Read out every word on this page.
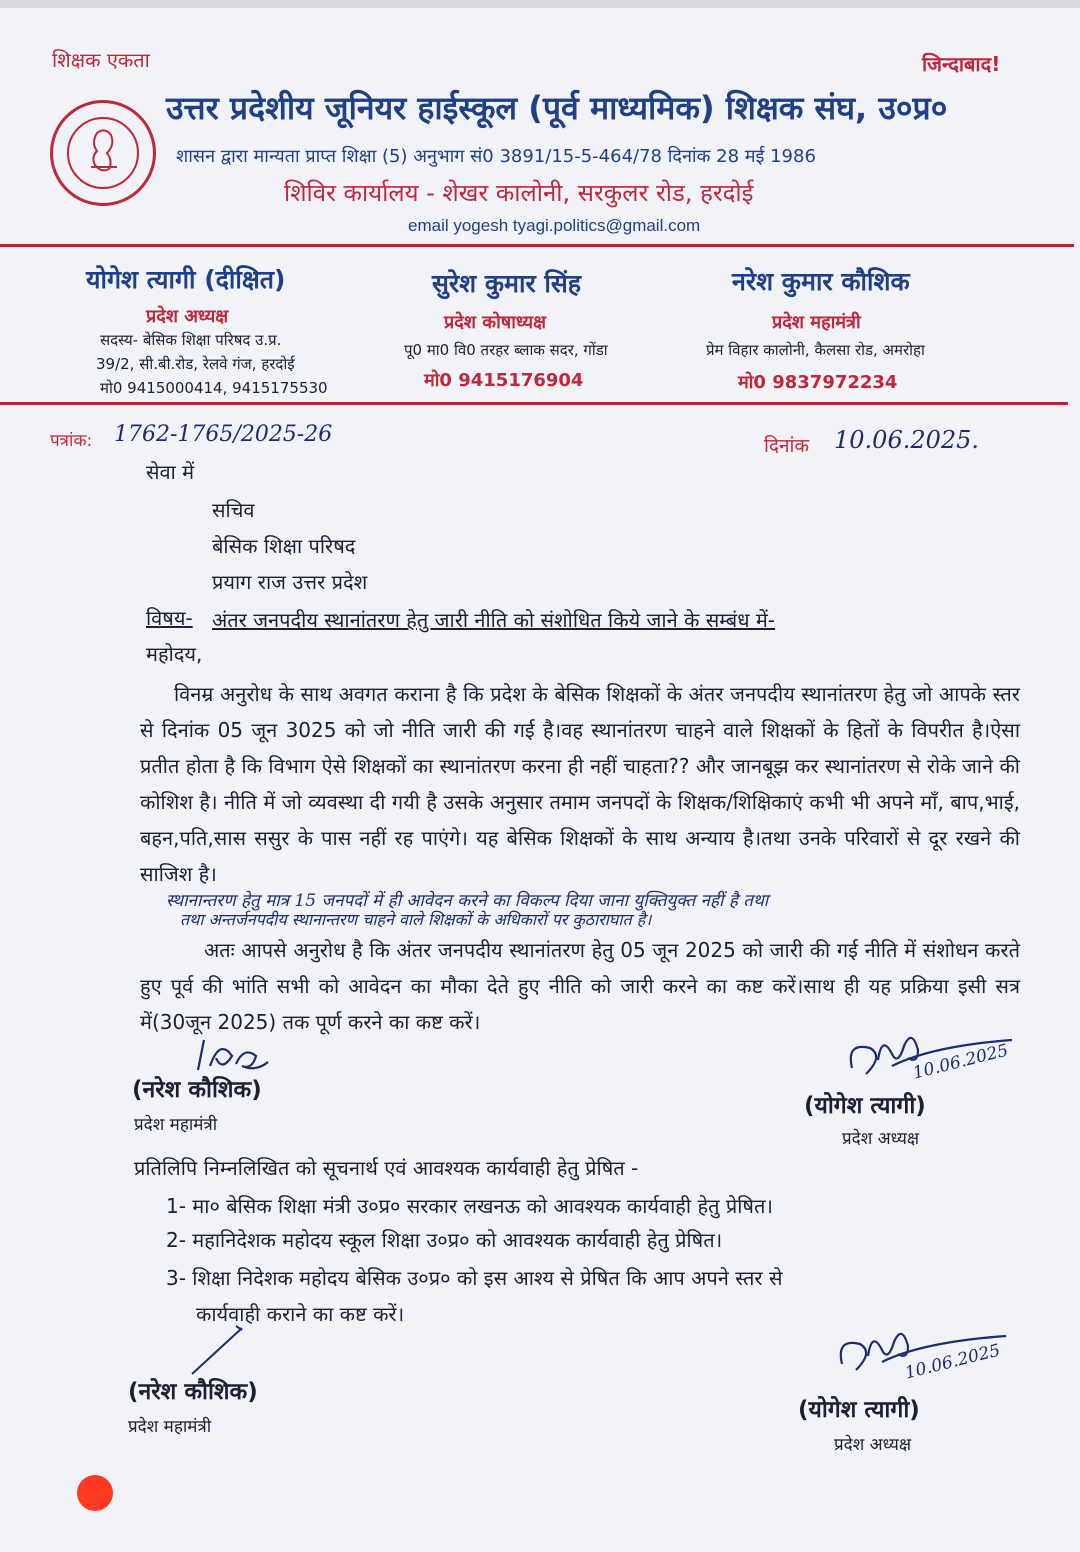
शिक्षक एकता	जिन्दाबाद!
उत्तर प्रदेशीय जूनियर हाईस्कूल (पूर्व माध्यमिक) शिक्षक संघ, उ०प्र०
शासन द्वारा मान्यता प्राप्त शिक्षा (5) अनुभाग सं0 3891/15-5-464/78 दिनांक 28 मई 1986
शिविर कार्यालय - शेखर कालोनी, सरकुलर रोड, हरदोई
email yogesh tyagi.politics@gmail.com
योगेश त्यागी (दीक्षित)
प्रदेश अध्यक्ष
सदस्य- बेसिक शिक्षा परिषद उ.प्र.
39/2, सी.बी.रोड, रेलवे गंज, हरदोई
मो0 9415000414, 9415175530
सुरेश कुमार सिंह
प्रदेश कोषाध्यक्ष
पू0 मा0 वि0 तरहर ब्लाक सदर, गोंडा
मो0 9415176904
नरेश कुमार कौशिक
प्रदेश महामंत्री
प्रेम विहार कालोनी, कैलसा रोड, अमरोहा
मो0 9837972234
पत्रांक: 1762-1765/2025-26	दिनांक 10.06.2025.
सेवा में
सचिव
बेसिक शिक्षा परिषद
प्रयाग राज उत्तर प्रदेश
विषय- अंतर जनपदीय स्थानांतरण हेतु जारी नीति को संशोधित किये जाने के सम्बंध में-
महोदय,
विनम्र अनुरोध के साथ अवगत कराना है कि प्रदेश के बेसिक शिक्षकों के अंतर जनपदीय स्थानांतरण हेतु जो आपके स्तर से दिनांक 05 जून 3025 को जो नीति जारी की गई है।वह स्थानांतरण चाहने वाले शिक्षकों के हितों के विपरीत है।ऐसा प्रतीत होता है कि विभाग ऐसे शिक्षकों का स्थानांतरण करना ही नहीं चाहता?? और जानबूझ कर स्थानांतरण से रोके जाने की कोशिश है। नीति में जो व्यवस्था दी गयी है उसके अनुसार तमाम जनपदों के शिक्षक/शिक्षिकाएं कभी भी अपने माँ, बाप,भाई, बहन,पति,सास ससुर के पास नहीं रह पाएंगे। यह बेसिक शिक्षकों के साथ अन्याय है।तथा उनके परिवारों से दूर रखने की साजिश है।
स्थानान्तरण हेतु मात्र 15 जनपदों में ही आवेदन करने का विकल्प दिया जाना युक्तियुक्त नहीं है तथा
तथा अन्तर्जनपदीय स्थानान्तरण चाहने वाले शिक्षकों के अधिकारों पर कुठाराघात है।
अतः आपसे अनुरोध है कि अंतर जनपदीय स्थानांतरण हेतु 05 जून 2025 को जारी की गई नीति में संशोधन करते हुए पूर्व की भांति सभी को आवेदन का मौका देते हुए नीति को जारी करने का कष्ट करें।साथ ही यह प्रक्रिया इसी सत्र में(30जून 2025) तक पूर्ण करने का कष्ट करें।
(नरेश कौशिक)
प्रदेश महामंत्री
10.06.2025
(योगेश त्यागी)
प्रदेश अध्यक्ष
प्रतिलिपि निम्नलिखित को सूचनार्थ एवं आवश्यक कार्यवाही हेतु प्रेषित -
1- मा० बेसिक शिक्षा मंत्री उ०प्र० सरकार लखनऊ को आवश्यक कार्यवाही हेतु प्रेषित।
2- महानिदेशक महोदय स्कूल शिक्षा उ०प्र० को आवश्यक कार्यवाही हेतु प्रेषित।
3- शिक्षा निदेशक महोदय बेसिक उ०प्र० को इस आश्य से प्रेषित कि आप अपने स्तर से
कार्यवाही कराने का कष्ट करें।
(नरेश कौशिक)
प्रदेश महामंत्री
10.06.2025
(योगेश त्यागी)
प्रदेश अध्यक्ष
